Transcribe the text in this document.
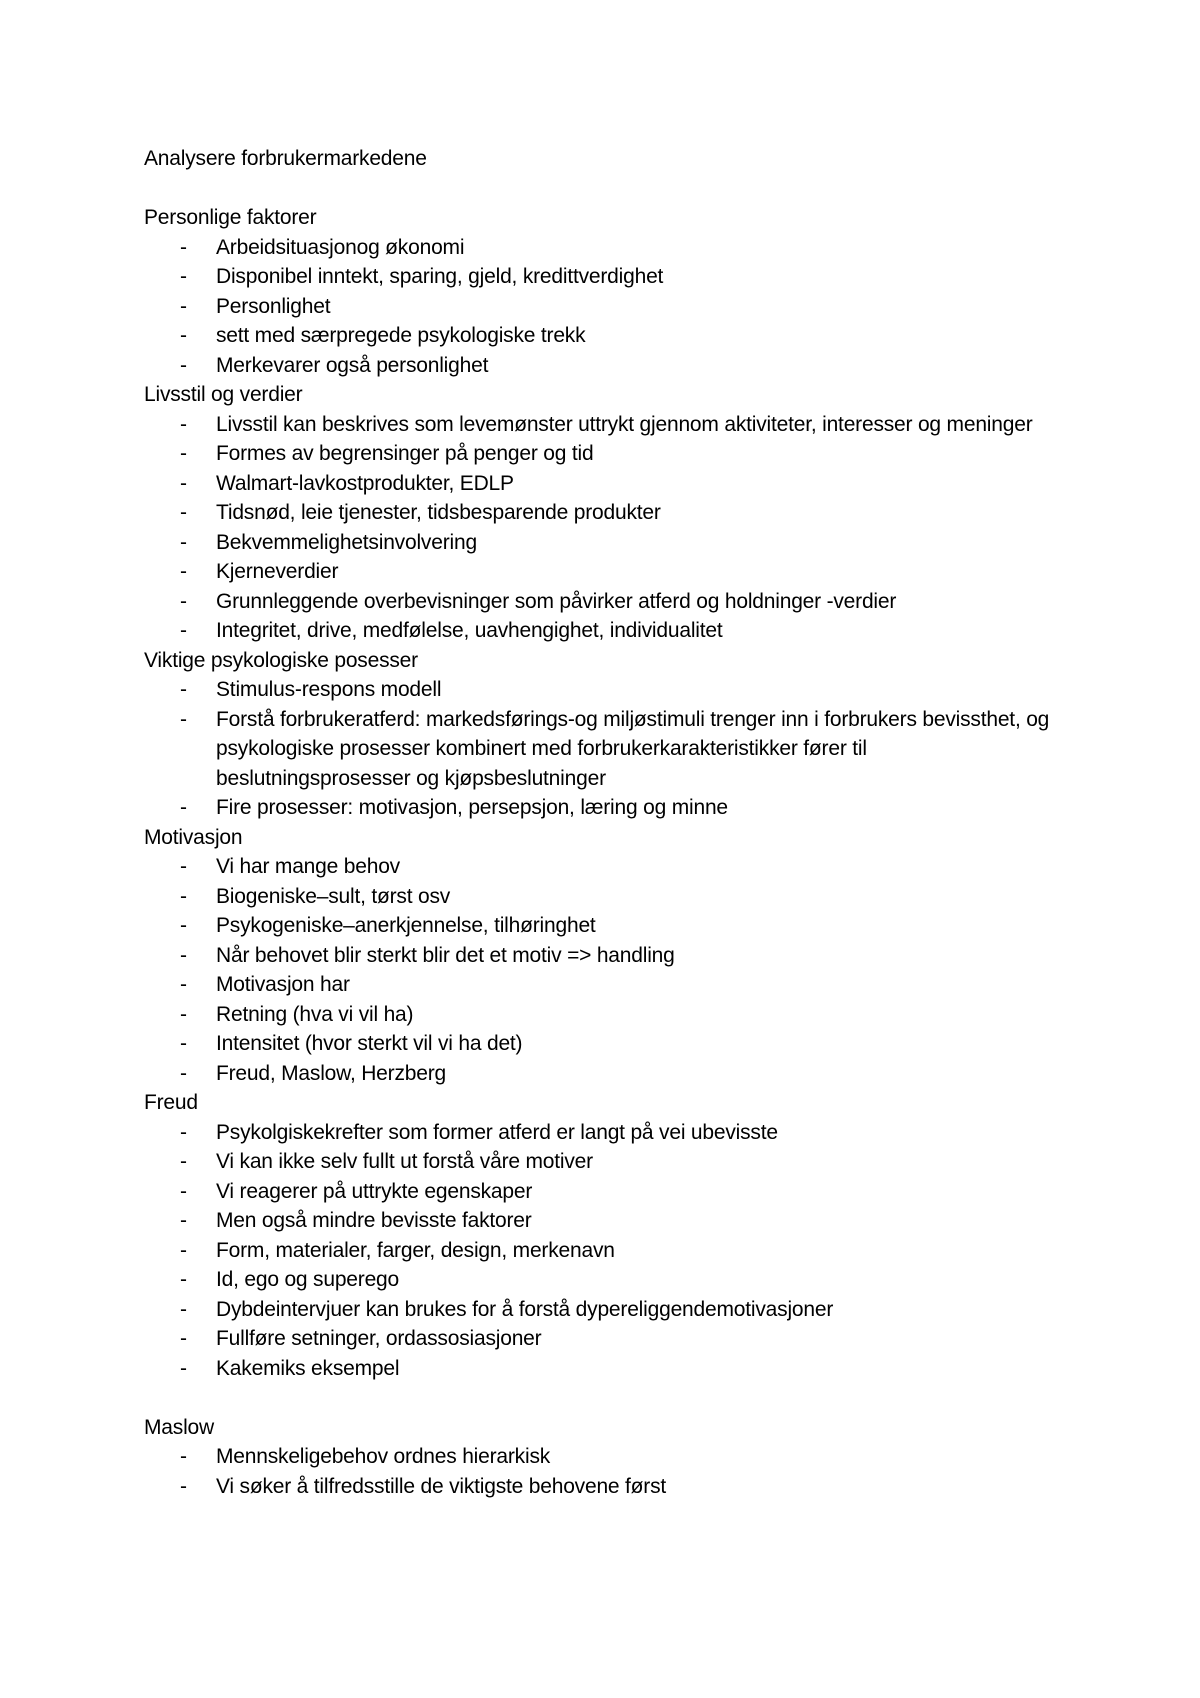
Analysere forbrukermarkedene

Personlige faktorer

- Arbeidsituasjonog økonomi
- Disponibel inntekt, sparing, gjeld, kredittverdighet
- Personlighet
- sett med særpregede psykologiske trekk
- Merkevarer også personlighet

Livsstil og verdier

- Livsstil kan beskrives som levemønster uttrykt gjennom aktiviteter, interesser og meninger
- Formes av begrensinger på penger og tid
- Walmart-lavkostprodukter, EDLP
- Tidsnød, leie tjenester, tidsbesparende produkter
- Bekvemmelighetsinvolvering
- Kjerneverdier
- Grunnleggende overbevisninger som påvirker atferd og holdninger -verdier
- Integritet, drive, medfølelse, uavhengighet, individualitet

Viktige psykologiske posesser

- Stimulus-respons modell
- Forstå forbrukeratferd: markedsførings-og miljøstimuli trenger inn i forbrukers bevissthet, og psykologiske prosesser kombinert med forbrukerkarakteristikker fører til beslutningsprosesser og kjøpsbeslutninger
- Fire prosesser: motivasjon, persepsjon, læring og minne

Motivasjon

- Vi har mange behov
- Biogeniske–sult, tørst osv
- Psykogeniske–anerkjennelse, tilhøringhet
- Når behovet blir sterkt blir det et motiv => handling
- Motivasjon har
- Retning (hva vi vil ha)
- Intensitet (hvor sterkt vil vi ha det)
- Freud, Maslow, Herzberg

Freud

- Psykolgiskekrefter som former atferd er langt på vei ubevisste
- Vi kan ikke selv fullt ut forstå våre motiver
- Vi reagerer på uttrykte egenskaper
- Men også mindre bevisste faktorer
- Form, materialer, farger, design, merkenavn
- Id, ego og superego
- Dybdeintervjuer kan brukes for å forstå dypereliggendemotivasjoner
- Fullføre setninger, ordassosiasjoner
- Kakemiks eksempel

Maslow

- Mennskeligebehov ordnes hierarkisk
- Vi søker å tilfredsstille de viktigste behovene først
